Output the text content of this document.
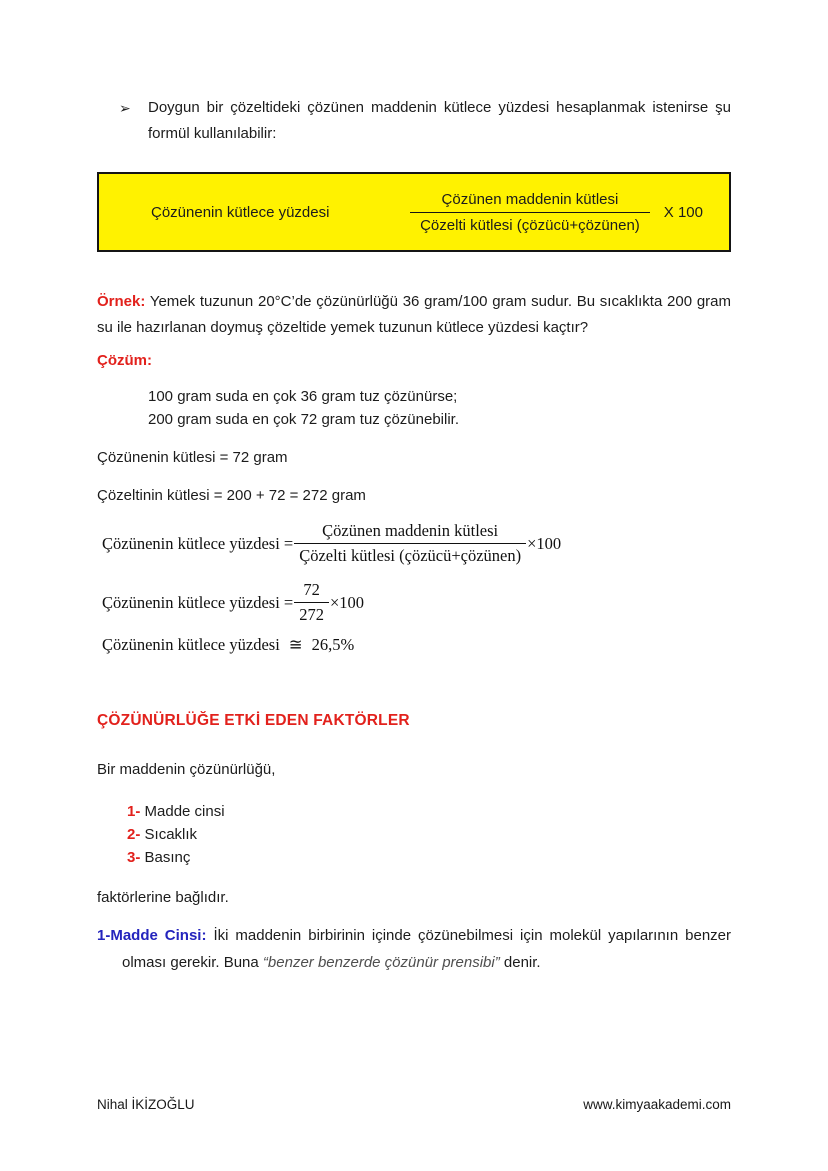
➢ Doygun bir çözeltideki çözünen maddenin kütlece yüzdesi hesaplanmak istenirse şu formül kullanılabilir:
Çözünenin kütlece yüzdesi	$\frac{\text{Çözünen maddenin kütlesi}}{\text{Çözelti kütlesi (çözücü+çözünen)}}$ X 100

Örnek: Yemek tuzunun 20°C’de çözünürlüğü 36 gram/100 gram sudur. Bu sıcaklıkta 200 gram su ile hazırlanan doymuş çözeltide yemek tuzunun kütlece yüzdesi kaçtır?

Çözüm:

100 gram suda en çok 36 gram tuz çözünürse;
200 gram suda en çok 72 gram tuz çözünebilir.

Çözünenin kütlesi = 72 gram

Çözeltinin kütlesi = 200 + 72 = 272 gram

Çözünenin kütlece yüzdesi = $\frac{\text{Çözünen maddenin kütlesi}}{\text{Çözelti kütlesi (çözücü+çözünen)}} \times 100$
Çözünenin kütlece yüzdesi = $\frac{72}{272} \times 100$
Çözünenin kütlece yüzdesi ≅ 26,5%
ÇÖZÜNÜRLÜĞE ETKİ EDEN FAKTÖRLER

Bir maddenin çözünürlüğü,

1- Madde cinsi
2- Sıcaklık
3- Basınç

faktörlerine bağlıdır.

1-Madde Cinsi: İki maddenin birbirinin içinde çözünebilmesi için molekül yapılarının benzer olması gerekir. Buna “benzer benzerde çözünür prensibi” denir.

Nihal İKİZOĞLU	www.kimyaakademi.com
